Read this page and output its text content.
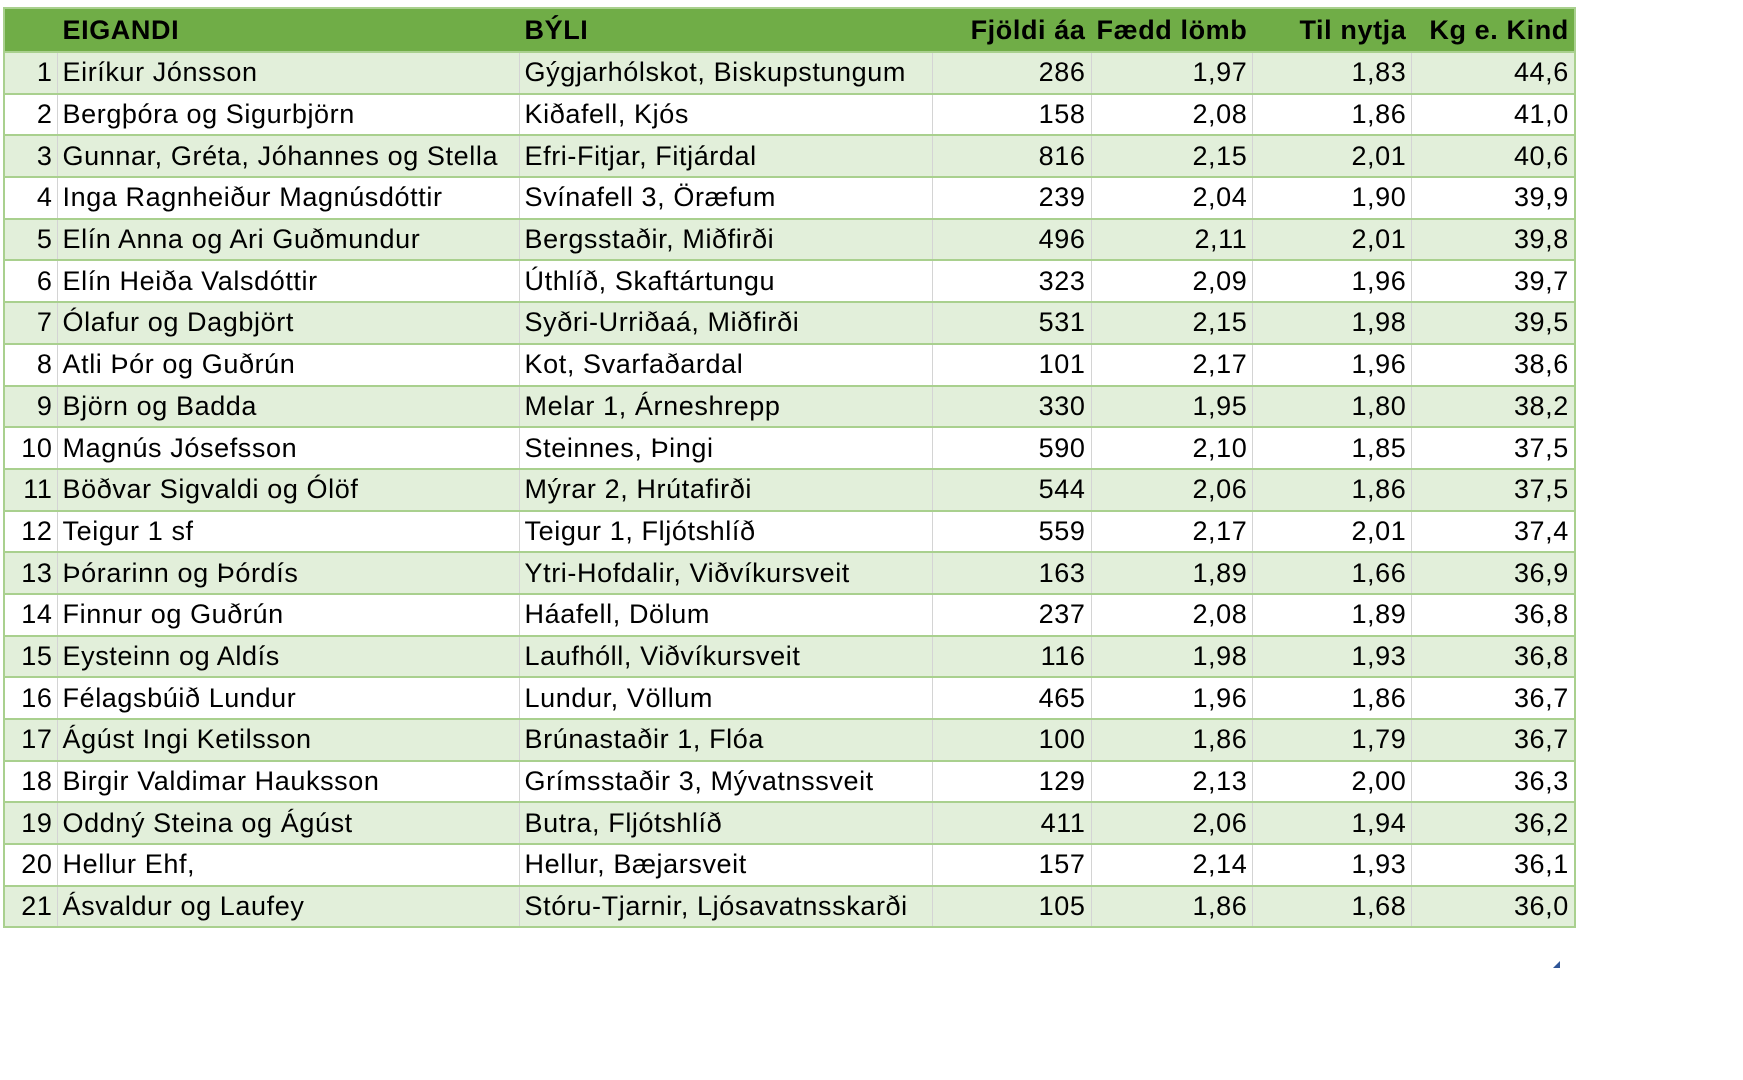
	EIGANDI	BÝLI	Fjöldi áa	Fædd lömb	Til nytja	Kg e. Kind
1	Eiríkur Jónsson	Gýgjarhólskot, Biskupstungum	286	1,97	1,83	44,6
2	Bergþóra og Sigurbjörn	Kiðafell, Kjós	158	2,08	1,86	41,0
3	Gunnar, Gréta, Jóhannes og Stella	Efri-Fitjar, Fitjárdal	816	2,15	2,01	40,6
4	Inga Ragnheiður Magnúsdóttir	Svínafell 3, Öræfum	239	2,04	1,90	39,9
5	Elín Anna og Ari Guðmundur	Bergsstaðir, Miðfirði	496	2,11	2,01	39,8
6	Elín Heiða Valsdóttir	Úthlíð, Skaftártungu	323	2,09	1,96	39,7
7	Ólafur og Dagbjört	Syðri-Urriðaá, Miðfirði	531	2,15	1,98	39,5
8	Atli Þór og Guðrún	Kot, Svarfaðardal	101	2,17	1,96	38,6
9	Björn og Badda	Melar 1, Árneshrepp	330	1,95	1,80	38,2
10	Magnús Jósefsson	Steinnes, Þingi	590	2,10	1,85	37,5
11	Böðvar Sigvaldi og Ólöf	Mýrar 2, Hrútafirði	544	2,06	1,86	37,5
12	Teigur 1 sf	Teigur 1, Fljótshlíð	559	2,17	2,01	37,4
13	Þórarinn og Þórdís	Ytri-Hofdalir, Viðvíkursveit	163	1,89	1,66	36,9
14	Finnur og Guðrún	Háafell, Dölum	237	2,08	1,89	36,8
15	Eysteinn og Aldís	Laufhóll, Viðvíkursveit	116	1,98	1,93	36,8
16	Félagsbúið Lundur	Lundur, Völlum	465	1,96	1,86	36,7
17	Ágúst Ingi Ketilsson	Brúnastaðir 1, Flóa	100	1,86	1,79	36,7
18	Birgir Valdimar Hauksson	Grímsstaðir 3, Mývatnssveit	129	2,13	2,00	36,3
19	Oddný Steina og Ágúst	Butra, Fljótshlíð	411	2,06	1,94	36,2
20	Hellur Ehf,	Hellur, Bæjarsveit	157	2,14	1,93	36,1
21	Ásvaldur og Laufey	Stóru-Tjarnir, Ljósavatnsskarði	105	1,86	1,68	36,0
